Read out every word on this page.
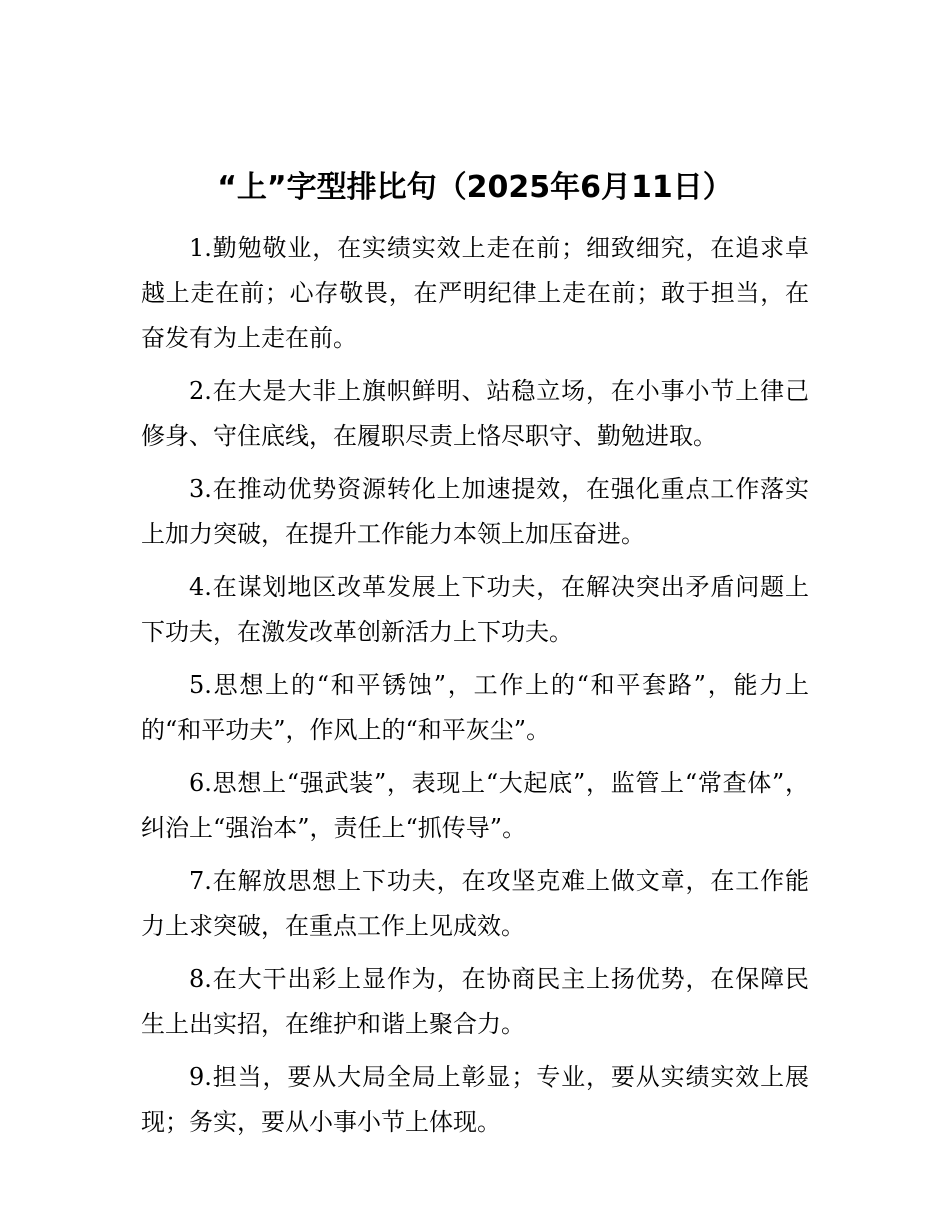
“上”字型排比句（2025年6月11日）

1.勤勉敬业，在实绩实效上走在前；细致细究，在追求卓越上走在前；心存敬畏，在严明纪律上走在前；敢于担当，在奋发有为上走在前。

2.在大是大非上旗帜鲜明、站稳立场，在小事小节上律己修身、守住底线，在履职尽责上恪尽职守、勤勉进取。

3.在推动优势资源转化上加速提效，在强化重点工作落实上加力突破，在提升工作能力本领上加压奋进。

4.在谋划地区改革发展上下功夫，在解决突出矛盾问题上下功夫，在激发改革创新活力上下功夫。

5.思想上的“和平锈蚀”，工作上的“和平套路”，能力上的“和平功夫”，作风上的“和平灰尘”。

6.思想上“强武装”，表现上“大起底”，监管上“常查体”，纠治上“强治本”，责任上“抓传导”。

7.在解放思想上下功夫，在攻坚克难上做文章，在工作能力上求突破，在重点工作上见成效。

8.在大干出彩上显作为，在协商民主上扬优势，在保障民生上出实招，在维护和谐上聚合力。

9.担当，要从大局全局上彰显；专业，要从实绩实效上展现；务实，要从小事小节上体现。
